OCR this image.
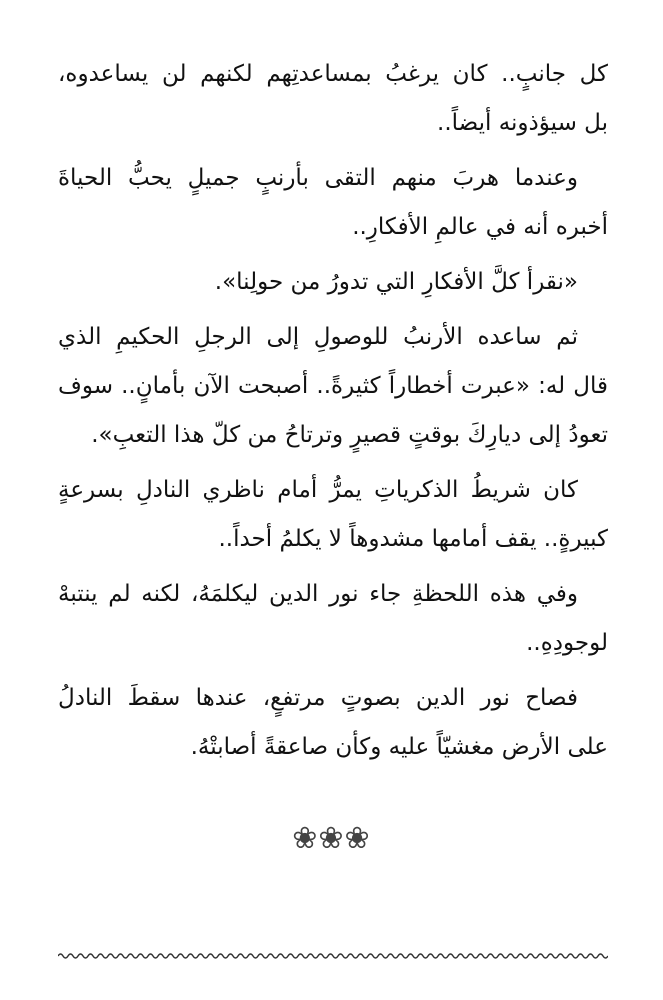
كل جانبٍ.. كان يرغبُ بمساعدتِهم لكنهم لن يساعدوه،
بل سيؤذونه أيضاً..
وعندما هربَ منهم التقى بأرنبٍ جميلٍ يحبُّ الحياةَ
أخبره أنه في عالمِ الأفكارِ..
«نقرأ كلَّ الأفكارِ التي تدورُ من حولِنا».
ثم ساعده الأرنبُ للوصولِ إلى الرجلِ الحكيمِ الذي
قال له: «عبرت أخطاراً كثيرةً.. أصبحت الآن بأمانٍ.. سوف
تعودُ إلى ديارِكَ بوقتٍ قصيرٍ وترتاحُ من كلّ هذا التعبِ».
كان شريطُ الذكرياتِ يمرُّ أمام ناظري النادلِ بسرعةٍ
كبيرةٍ.. يقف أمامها مشدوهاً لا يكلمُ أحداً..
وفي هذه اللحظةِ جاء نور الدين ليكلمَهُ، لكنه لم ينتبهْ
لوجودِهِ..
فصاح نور الدين بصوتٍ مرتفعٍ، عندها سقطَ النادلُ
على الأرض مغشيّاً عليه وكأن صاعقةً أصابتْهُ.
❀❀❀
